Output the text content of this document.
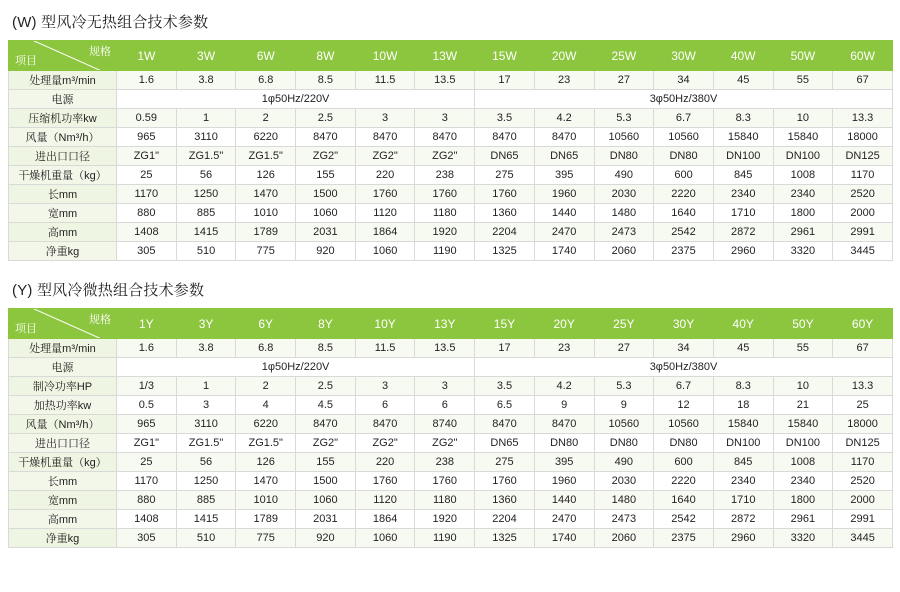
(W) 型风冷无热组合技术参数
规格
项目	1W	3W	6W	8W	10W	13W	15W	20W	25W	30W	40W	50W	60W
处理量m³/min	1.6	3.8	6.8	8.5	11.5	13.5	17	23	27	34	45	55	67
电源	1φ50Hz/220V						3φ50Hz/380V						
压缩机功率kw	0.59	1	2	2.5	3	3	3.5	4.2	5.3	6.7	8.3	10	13.3
风量（Nm³/h）	965	3110	6220	8470	8470	8470	8470	8470	10560	10560	15840	15840	18000
进出口口径	ZG1"	ZG1.5"	ZG1.5"	ZG2"	ZG2"	ZG2"	DN65	DN65	DN80	DN80	DN100	DN100	DN125
干燥机重量（kg）	25	56	126	155	220	238	275	395	490	600	845	1008	1170
长mm	1170	1250	1470	1500	1760	1760	1760	1960	2030	2220	2340	2340	2520
宽mm	880	885	1010	1060	1120	1180	1360	1440	1480	1640	1710	1800	2000
高mm	1408	1415	1789	2031	1864	1920	2204	2470	2473	2542	2872	2961	2991
净重kg	305	510	775	920	1060	1190	1325	1740	2060	2375	2960	3320	3445
(Y) 型风冷微热组合技术参数
规格
项目	1Y	3Y	6Y	8Y	10Y	13Y	15Y	20Y	25Y	30Y	40Y	50Y	60Y
处理量m³/min	1.6	3.8	6.8	8.5	11.5	13.5	17	23	27	34	45	55	67
电源	1φ50Hz/220V						3φ50Hz/380V						
制冷功率HP	1/3	1	2	2.5	3	3	3.5	4.2	5.3	6.7	8.3	10	13.3
加热功率kw	0.5	3	4	4.5	6	6	6.5	9	9	12	18	21	25
风量（Nm³/h）	965	3110	6220	8470	8470	8740	8470	8470	10560	10560	15840	15840	18000
进出口口径	ZG1"	ZG1.5"	ZG1.5"	ZG2"	ZG2"	ZG2"	DN65	DN80	DN80	DN80	DN100	DN100	DN125
干燥机重量（kg）	25	56	126	155	220	238	275	395	490	600	845	1008	1170
长mm	1170	1250	1470	1500	1760	1760	1760	1960	2030	2220	2340	2340	2520
宽mm	880	885	1010	1060	1120	1180	1360	1440	1480	1640	1710	1800	2000
高mm	1408	1415	1789	2031	1864	1920	2204	2470	2473	2542	2872	2961	2991
净重kg	305	510	775	920	1060	1190	1325	1740	2060	2375	2960	3320	3445
